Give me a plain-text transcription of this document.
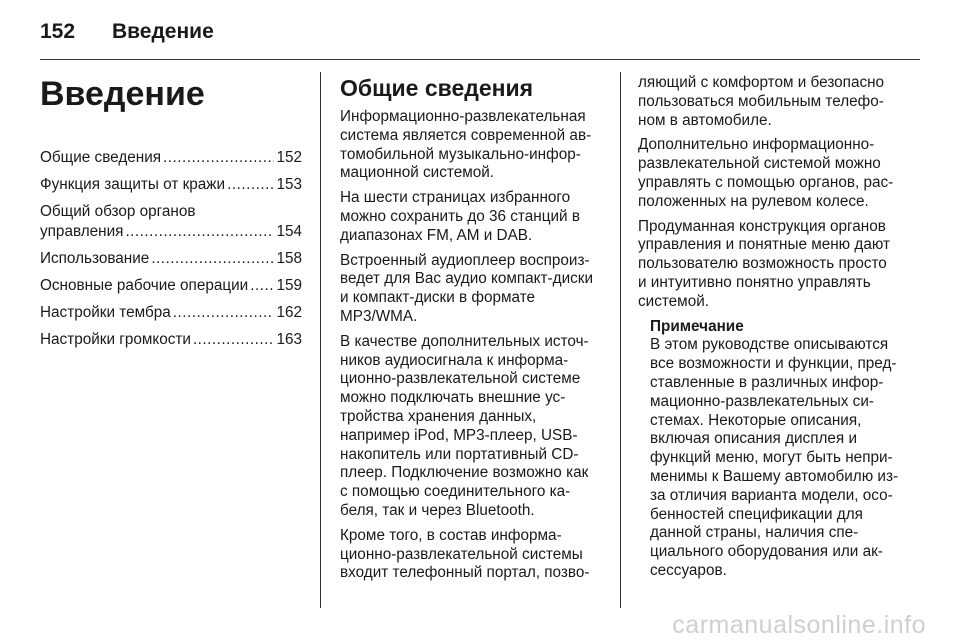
152	Введение
Введение
Общие сведения .....	152
Функция защиты от кражи .....	153
Общий обзор органов
управления .....	154
Использование .....	158
Основные рабочие операции ..... 159
Настройки тембра .....	162
Настройки громкости .....	163
Общие сведения

Информационно-развлекательная
система является современной ав-
томобильной музыкально-инфор-
мационной системой.

На шести страницах избранного
можно сохранить до 36 станций в
диапазонах FM, AM и DAB.

Встроенный аудиоплеер воспроиз-
ведет для Вас аудио компакт-диски
и компакт-диски в формате
MP3/WMA.

В качестве дополнительных источ-
ников аудиосигнала к информа-
ционно-развлекательной системе
можно подключать внешние ус-
тройства хранения данных,
например iPod, MP3-плеер, USB-
накопитель или портативный CD-
плеер. Подключение возможно как
с помощью соединительного ка-
беля, так и через Bluetooth.

Кроме того, в состав информа-
ционно-развлекательной системы
входит телефонный портал, позво-

ляющий с комфортом и безопасно
пользоваться мобильным телефо-
ном в автомобиле.

Дополнительно информационно-
развлекательной системой можно
управлять с помощью органов, рас-
положенных на рулевом колесе.

Продуманная конструкция органов
управления и понятные меню дают
пользователю возможность просто
и интуитивно понятно управлять
системой.

Примечание
В этом руководстве описываются
все возможности и функции, пред-
ставленные в различных инфор-
мационно-развлекательных си-
стемах. Некоторые описания,
включая описания дисплея и
функций меню, могут быть непри-
менимы к Вашему автомобилю из-
за отличия варианта модели, осо-
бенностей спецификации для
данной страны, наличия спе-
циального оборудования или ак-
сессуаров.
carmanualsonline.info
